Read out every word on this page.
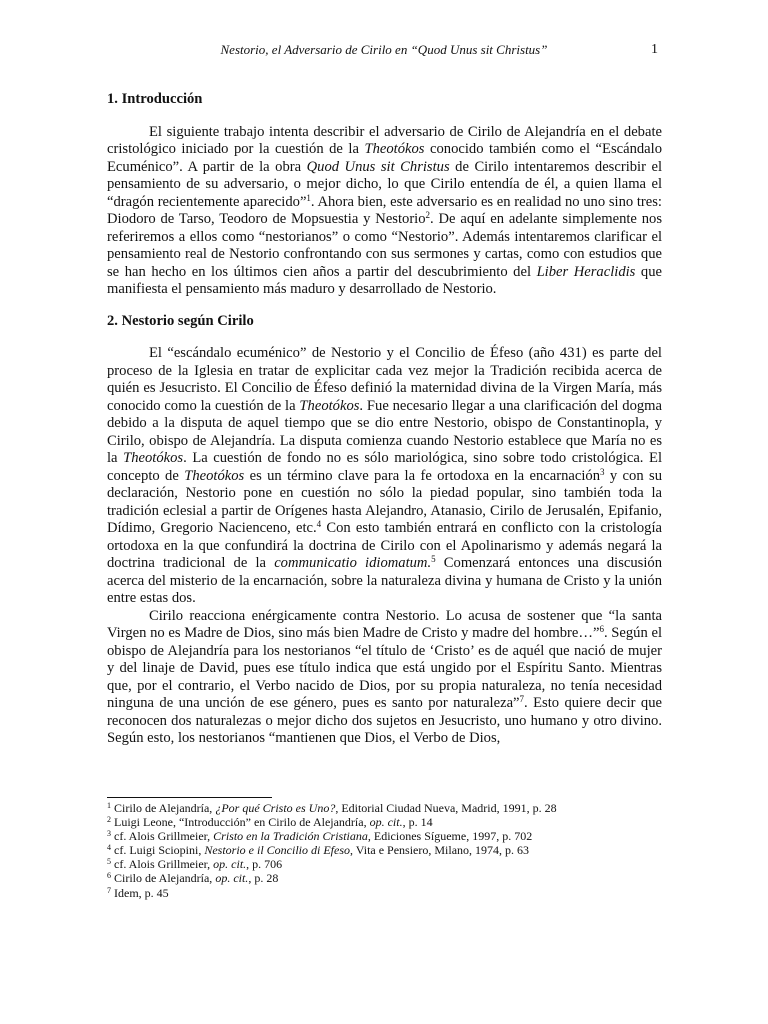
Nestorio, el Adversario de Cirilo en “Quod Unus sit Christus”	1
1. Introducción

El siguiente trabajo intenta describir el adversario de Cirilo de Alejandría en el debate cristológico iniciado por la cuestión de la Theotókos conocido también como el “Escándalo Ecuménico”. A partir de la obra Quod Unus sit Christus de Cirilo intentaremos describir el pensamiento de su adversario, o mejor dicho, lo que Cirilo entendía de él, a quien llama el “dragón recientemente aparecido”$^1$. Ahora bien, este adversario es en realidad no uno sino tres: Diodoro de Tarso, Teodoro de Mopsuestia y Nestorio$^2$. De aquí en adelante simplemente nos referiremos a ellos como “nestorianos” o como “Nestorio”. Además intentaremos clarificar el pensamiento real de Nestorio confrontando con sus sermones y cartas, como con estudios que se han hecho en los últimos cien años a partir del descubrimiento del Liber Heraclidis que manifiesta el pensamiento más maduro y desarrollado de Nestorio.

2. Nestorio según Cirilo

El “escándalo ecuménico” de Nestorio y el Concilio de Éfeso (año 431) es parte del proceso de la Iglesia en tratar de explicitar cada vez mejor la Tradición recibida acerca de quién es Jesucristo. El Concilio de Éfeso definió la maternidad divina de la Virgen María, más conocido como la cuestión de la Theotókos. Fue necesario llegar a una clarificación del dogma debido a la disputa de aquel tiempo que se dio entre Nestorio, obispo de Constantinopla, y Cirilo, obispo de Alejandría. La disputa comienza cuando Nestorio establece que María no es la Theotókos. La cuestión de fondo no es sólo mariológica, sino sobre todo cristológica. El concepto de Theotókos es un término clave para la fe ortodoxa en la encarnación$^3$ y con su declaración, Nestorio pone en cuestión no sólo la piedad popular, sino también toda la tradición eclesial a partir de Orígenes hasta Alejandro, Atanasio, Cirilo de Jerusalén, Epifanio, Dídimo, Gregorio Nacienceno, etc.$^4$ Con esto también entrará en conflicto con la cristología ortodoxa en la que confundirá la doctrina de Cirilo con el Apolinarismo y además negará la doctrina tradicional de la communicatio idiomatum.$^5$ Comenzará entonces una discusión acerca del misterio de la encarnación, sobre la naturaleza divina y humana de Cristo y la unión entre estas dos.

Cirilo reacciona enérgicamente contra Nestorio. Lo acusa de sostener que “la santa Virgen no es Madre de Dios, sino más bien Madre de Cristo y madre del hombre…”$^6$. Según el obispo de Alejandría para los nestorianos “el título de ‘Cristo’ es de aquél que nació de mujer y del linaje de David, pues ese título indica que está ungido por el Espíritu Santo. Mientras que, por el contrario, el Verbo nacido de Dios, por su propia naturaleza, no tenía necesidad ninguna de una unción de ese género, pues es santo por naturaleza”$^7$. Esto quiere decir que reconocen dos naturalezas o mejor dicho dos sujetos en Jesucristo, uno humano y otro divino. Según esto, los nestorianos “mantienen que Dios, el Verbo de Dios,

$^1$ Cirilo de Alejandría, ¿Por qué Cristo es Uno?, Editorial Ciudad Nueva, Madrid, 1991, p. 28
$^2$ Luigi Leone, “Introducción” en Cirilo de Alejandría, op. cit., p. 14
$^3$ cf. Alois Grillmeier, Cristo en la Tradición Cristiana, Ediciones Sígueme, 1997, p. 702
$^4$ cf. Luigi Sciopini, Nestorio e il Concilio di Efeso, Vita e Pensiero, Milano, 1974, p. 63
$^5$ cf. Alois Grillmeier, op. cit., p. 706
$^6$ Cirilo de Alejandría, op. cit., p. 28
$^7$ Idem, p. 45
